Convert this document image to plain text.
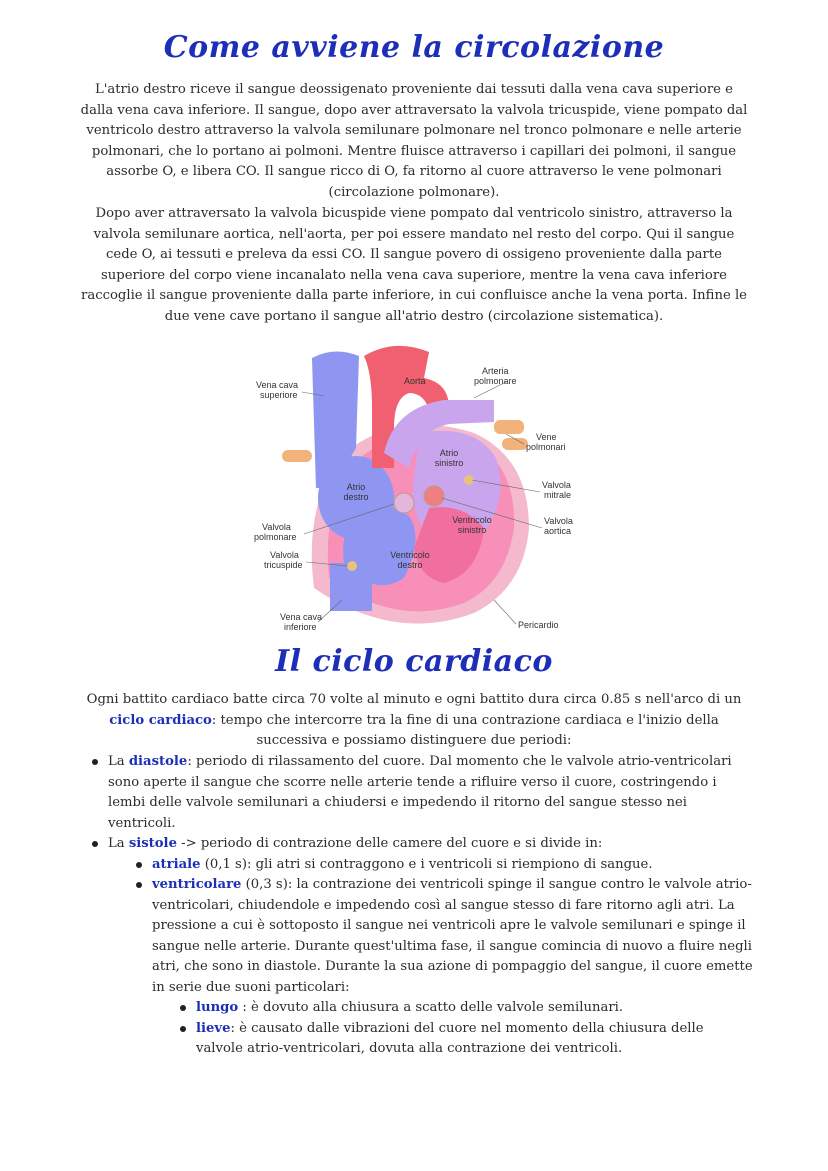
Come avviene la circolazione

L'atrio destro riceve il sangue deossigenato proveniente dai tessuti dalla vena cava superiore e dalla vena cava inferiore. Il sangue, dopo aver attraversato la valvola tricuspide, viene pompato dal ventricolo destro attraverso la valvola semilunare polmonare nel tronco polmonare e nelle arterie polmonari, che lo portano ai polmoni. Mentre fluisce attraverso i capillari dei polmoni, il sangue assorbe O, e libera CO. Il sangue ricco di O, fa ritorno al cuore attraverso le vene polmonari (circolazione polmonare).

Dopo aver attraversato la valvola bicuspide viene pompato dal ventricolo sinistro, attraverso la valvola semilunare aortica, nell'aorta, per poi essere mandato nel resto del corpo. Qui il sangue cede O, ai tessuti e preleva da essi CO. Il sangue povero di ossigeno proveniente dalla parte superiore del corpo viene incanalato nella vena cava superiore, mentre la vena cava inferiore raccoglie il sangue proveniente dalla parte inferiore, in cui confluisce anche la vena porta. Infine le due vene cave portano il sangue all'atrio destro (circolazione sistematica).

Vena cava
superiore
Aorta
Arteria
polmonare
Vene
polmonari
Atrio
sinistro
Atrio
destro
Valvola
mitrale
Ventricolo
sinistro
Valvola
aortica
Valvola
polmonare
Valvola
tricuspide
Ventricolo
destro
Vena cava
inferiore	Pericardio
Il ciclo cardiaco

Ogni battito cardiaco batte circa 70 volte al minuto e ogni battito dura circa 0.85 s nell'arco di un ciclo cardiaco: tempo che intercorre tra la fine di una contrazione cardiaca e l'inizio della successiva e possiamo distinguere due periodi:

La diastole: periodo di rilassamento del cuore. Dal momento che le valvole atrio-ventricolari sono aperte il sangue che scorre nelle arterie tende a rifluire verso il cuore, costringendo i lembi delle valvole semilunari a chiudersi e impedendo il ritorno del sangue stesso nei ventricoli.
La sistole -> periodo di contrazione delle camere del cuore e si divide in:
atriale (0,1 s): gli atri si contraggono e i ventricoli si riempiono di sangue.
ventricolare (0,3 s): la contrazione dei ventricoli spinge il sangue contro le valvole atrio-ventricolari, chiudendole e impedendo così al sangue stesso di fare ritorno agli atri. La pressione a cui è sottoposto il sangue nei ventricoli apre le valvole semilunari e spinge il sangue nelle arterie. Durante quest'ultima fase, il sangue comincia di nuovo a fluire negli atri, che sono in diastole. Durante la sua azione di pompaggio del sangue, il cuore emette in serie due suoni particolari:
lungo : è dovuto alla chiusura a scatto delle valvole semilunari.
lieve: è causato dalle vibrazioni del cuore nel momento della chiusura delle valvole atrio-ventricolari, dovuta alla contrazione dei ventricoli.
